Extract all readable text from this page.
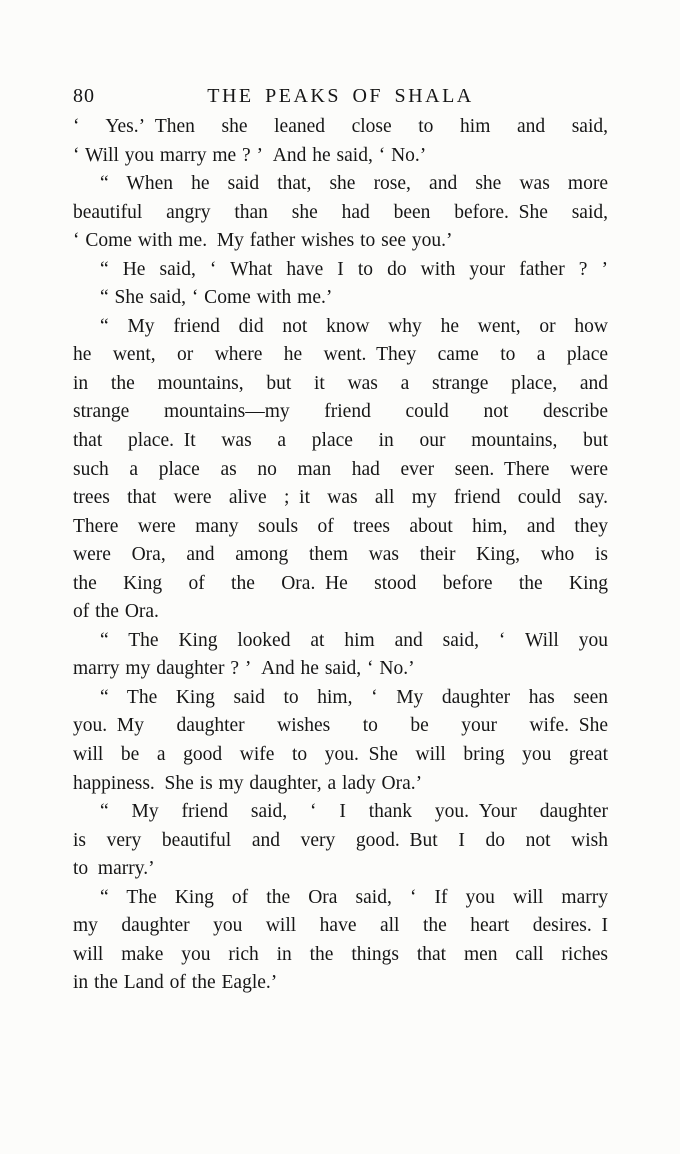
80	THE PEAKS OF SHALA
‘ Yes.’ Then she leaned close to him and said,
‘ Will you marry me ? ’ And he said, ‘ No.’
“ When he said that, she rose, and she was more
beautiful angry than she had been before. She said,
‘ Come with me. My father wishes to see you.’
“ He said, ‘ What have I to do with your father ? ’
“ She said, ‘ Come with me.’
“ My friend did not know why he went, or how
he went, or where he went. They came to a place
in the mountains, but it was a strange place, and
strange mountains—my friend could not describe
that place. It was a place in our mountains, but
such a place as no man had ever seen. There were
trees that were alive ; it was all my friend could say.
There were many souls of trees about him, and they
were Ora, and among them was their King, who is
the King of the Ora. He stood before the King
of the Ora.
“ The King looked at him and said, ‘ Will you
marry my daughter ? ’ And he said, ‘ No.’
“ The King said to him, ‘ My daughter has seen
you. My daughter wishes to be your wife. She
will be a good wife to you. She will bring you great
happiness. She is my daughter, a lady Ora.’
“ My friend said, ‘ I thank you. Your daughter
is very beautiful and very good. But I do not wish
to marry.’
“ The King of the Ora said, ‘ If you will marry
my daughter you will have all the heart desires. I
will make you rich in the things that men call riches
in the Land of the Eagle.’
